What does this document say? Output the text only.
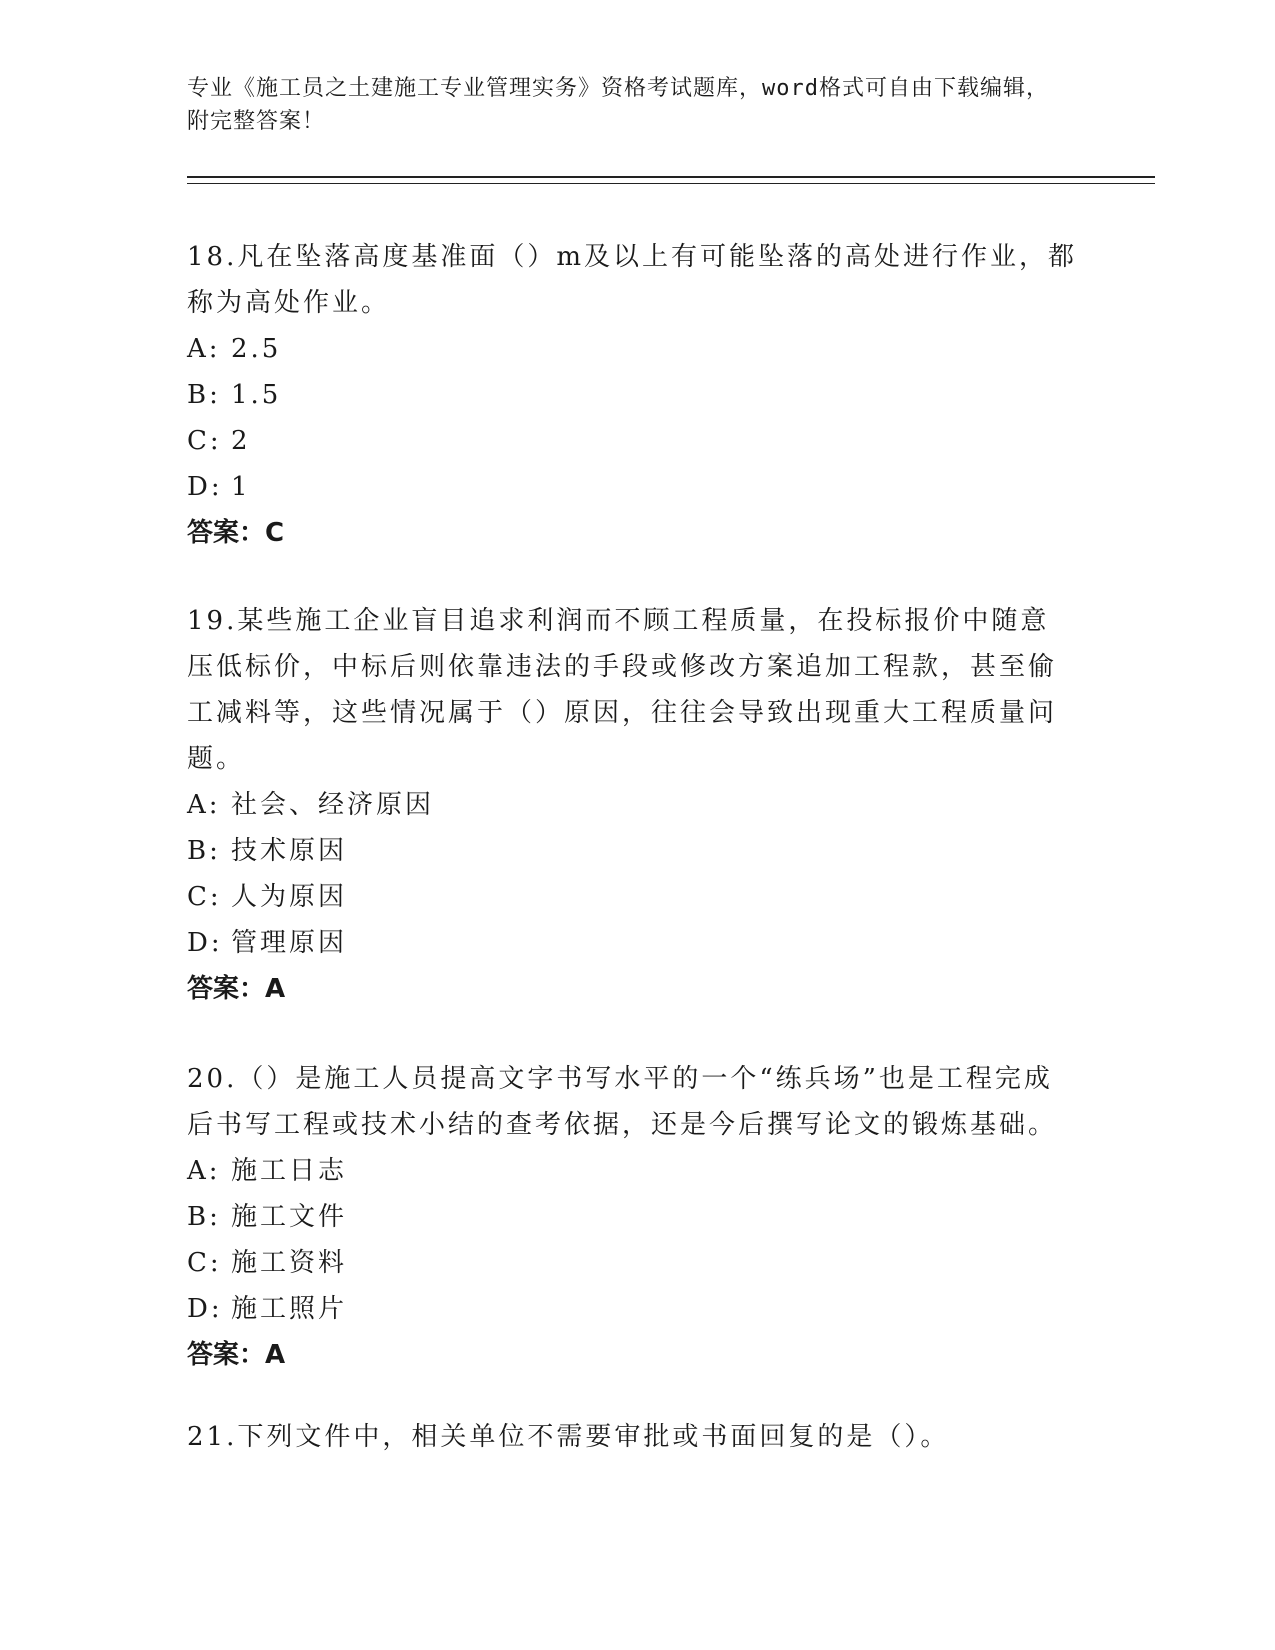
专业《施工员之土建施工专业管理实务》资格考试题库，word格式可自由下载编辑，附完整答案！

18.凡在坠落高度基准面（）m及以上有可能坠落的高处进行作业，都称为高处作业。

A: 2.5

B: 1.5

C: 2

D: 1

答案：C

19.某些施工企业盲目追求利润而不顾工程质量，在投标报价中随意压低标价，中标后则依靠违法的手段或修改方案追加工程款，甚至偷工减料等，这些情况属于（）原因，往往会导致出现重大工程质量问题。

A: 社会、经济原因

B: 技术原因

C: 人为原因

D: 管理原因

答案：A

20.（）是施工人员提高文字书写水平的一个“练兵场”也是工程完成后书写工程或技术小结的查考依据，还是今后撰写论文的锻炼基础。

A: 施工日志

B: 施工文件

C: 施工资料

D: 施工照片

答案：A

21.下列文件中，相关单位不需要审批或书面回复的是（）。
